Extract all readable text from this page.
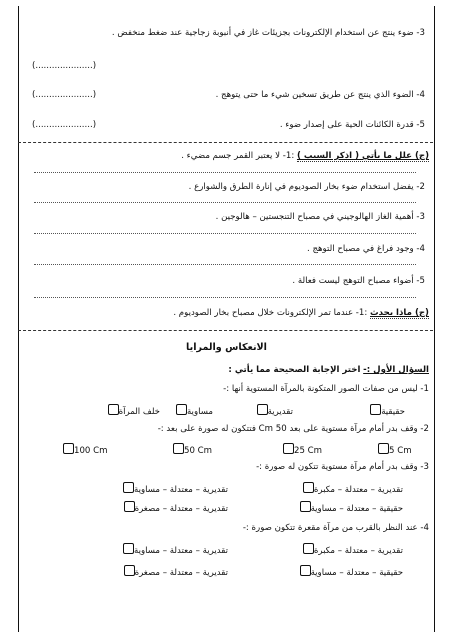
3- ضوء ينتج عن استخدام الإلكترونات بجزيئات غاز في أنبوبة زجاجية عند ضغط منخفض .
(.....................)
4- الضوء الذي ينتج عن طريق تسخين شيء ما حتى يتوهج .
(.....................)
5- قدرة الكائنات الحية على إصدار ضوء .
(.....................)
(ج) علل ما يأتي ( اذكر السبب ) :1- لا يعتبر القمر جسم مضيء .
2- يفضل استخدام ضوء بخار الصوديوم في إنارة الطرق والشوارع .
3- أهمية الغاز الهالوجيني في مصباح التنجستين – هالوجين .
4- وجود فراغ في مصباح التوهج .
5- أضواء مصباح التوهج ليست فعالة .
(ج) ماذا يحدث :1- عندما تمر الإلكترونات خلال مصباح بخار الصوديوم .
الانعكاس والمرايا
السؤال الأول :- اختر الإجابة الصحيحة مما يأتي :
1- ليس من صفات الصور المتكونة بالمرآة المستوية أنها :-
حقيقية
تقديرية
مساوية
خلف المرآة
2- وقف بدر أمام مرآة مستوية على بعد 50 Cm فتتكون له صورة على بعد :-
5 Cm
25 Cm
50 Cm
100 Cm
3- وقف بدر أمام مرآة مستوية تتكون له صورة :-
تقديرية – معتدلة – مكبرة
تقديرية – معتدلة – مساوية
حقيقية – معتدلة – مساوية
تقديرية – معتدلة – مصغرة
4- عند النظر بالقرب من مرآة مقعرة تتكون صورة :-
تقديرية – معتدلة – مكبرة
تقديرية – معتدلة – مساوية
حقيقية – معتدلة – مساوية
تقديرية – معتدلة – مصغرة
